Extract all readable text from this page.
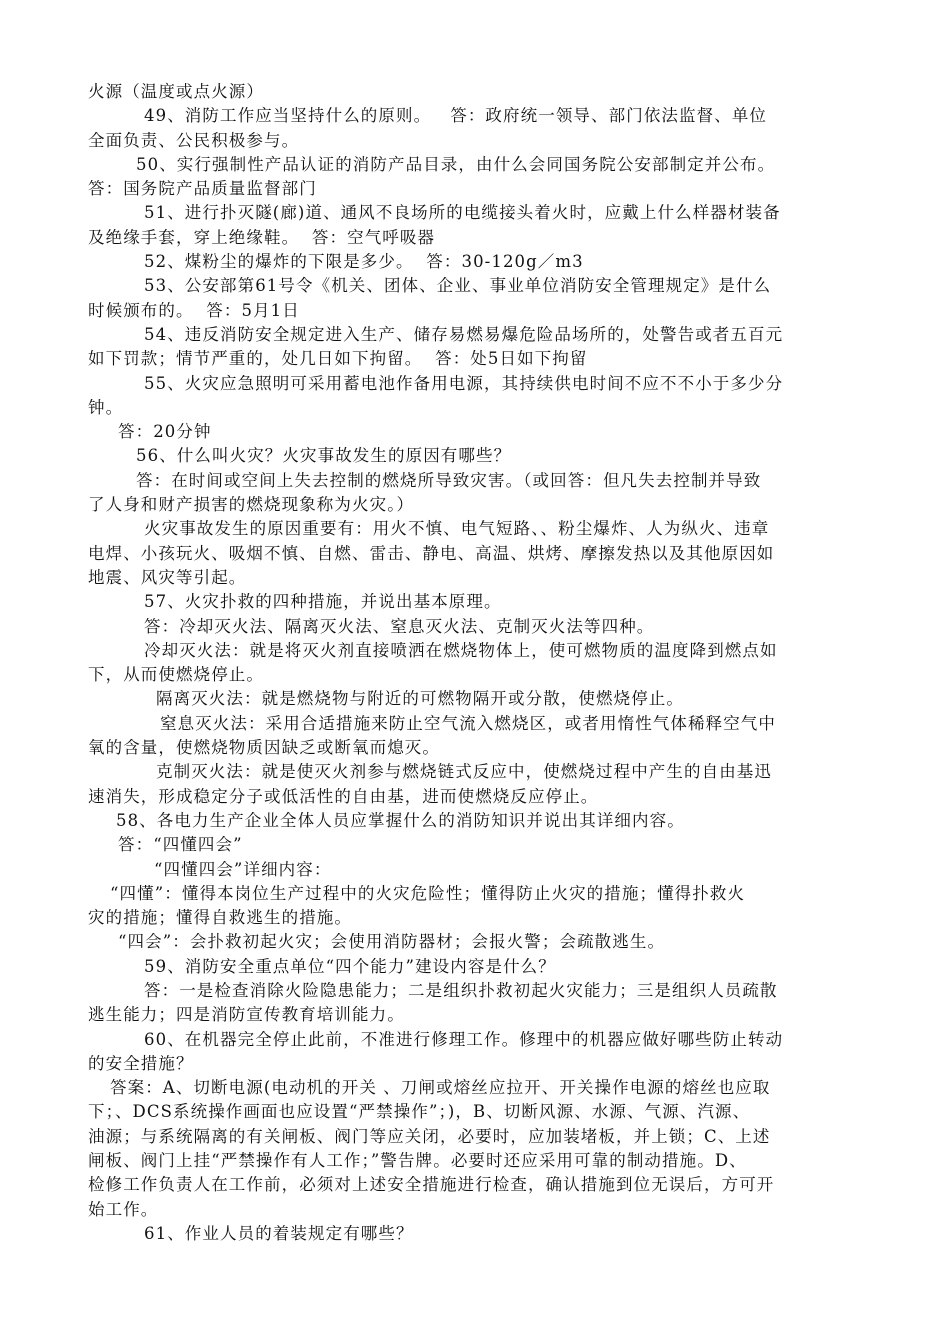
火源（温度或点火源）
49、消防工作应当坚持什么的原则。   答：政府统一领导、部门依法监督、单位
全面负责、公民积极参与。
50、实行强制性产品认证的消防产品目录，由什么会同国务院公安部制定并公布。
答：国务院产品质量监督部门
51、进行扑灭隧(廊)道、通风不良场所的电缆接头着火时，应戴上什么样器材装备
及绝缘手套，穿上绝缘鞋。  答：空气呼吸器
52、煤粉尘的爆炸的下限是多少。  答：30-120g／m3
53、公安部第61号令《机关、团体、企业、事业单位消防安全管理规定》是什么
时候颁布的。  答：5月1日
54、违反消防安全规定进入生产、储存易燃易爆危险品场所的，处警告或者五百元
如下罚款；情节严重的，处几日如下拘留。  答：处5日如下拘留
55、火灾应急照明可采用蓄电池作备用电源，其持续供电时间不应不不小于多少分
钟。
答：20分钟
56、什么叫火灾？火灾事故发生的原因有哪些？
答：在时间或空间上失去控制的燃烧所导致灾害。（或回答：但凡失去控制并导致
了人身和财产损害的燃烧现象称为火灾。）
火灾事故发生的原因重要有：用火不慎、电气短路、、粉尘爆炸、人为纵火、违章
电焊、小孩玩火、吸烟不慎、自燃、雷击、静电、高温、烘烤、摩擦发热以及其他原因如
地震、风灾等引起。
57、火灾扑救的四种措施，并说出基本原理。
答：冷却灭火法、隔离灭火法、窒息灭火法、克制灭火法等四种。
冷却灭火法：就是将灭火剂直接喷洒在燃烧物体上，使可燃物质的温度降到燃点如
下，从而使燃烧停止。
隔离灭火法：就是燃烧物与附近的可燃物隔开或分散，使燃烧停止。
窒息灭火法：采用合适措施来防止空气流入燃烧区，或者用惰性气体稀释空气中
氧的含量，使燃烧物质因缺乏或断氧而熄灭。
克制灭火法：就是使灭火剂参与燃烧链式反应中，使燃烧过程中产生的自由基迅
速消失，形成稳定分子或低活性的自由基，进而使燃烧反应停止。
58、各电力生产企业全体人员应掌握什么的消防知识并说出其详细内容。
答：“四懂四会”
“四懂四会”详细内容：
“四懂”：懂得本岗位生产过程中的火灾危险性；懂得防止火灾的措施；懂得扑救火
灾的措施；懂得自救逃生的措施。
“四会”：会扑救初起火灾；会使用消防器材；会报火警；会疏散逃生。
59、消防安全重点单位“四个能力”建设内容是什么？
答：一是检查消除火险隐患能力；二是组织扑救初起火灾能力；三是组织人员疏散
逃生能力；四是消防宣传教育培训能力。
60、在机器完全停止此前，不准进行修理工作。修理中的机器应做好哪些防止转动
的安全措施？
答案：A、切断电源(电动机的开关 、刀闸或熔丝应拉开、开关操作电源的熔丝也应取
下；、DCS系统操作画面也应设置“严禁操作”；)，B、切断风源、水源、气源、汽源、
油源；与系统隔离的有关闸板、阀门等应关闭，必要时，应加装堵板，并上锁；C、上述
闸板、阀门上挂“严禁操作有人工作；”警告牌。必要时还应采用可靠的制动措施。D、
检修工作负责人在工作前，必须对上述安全措施进行检查，确认措施到位无误后，方可开
始工作。
61、作业人员的着装规定有哪些？
